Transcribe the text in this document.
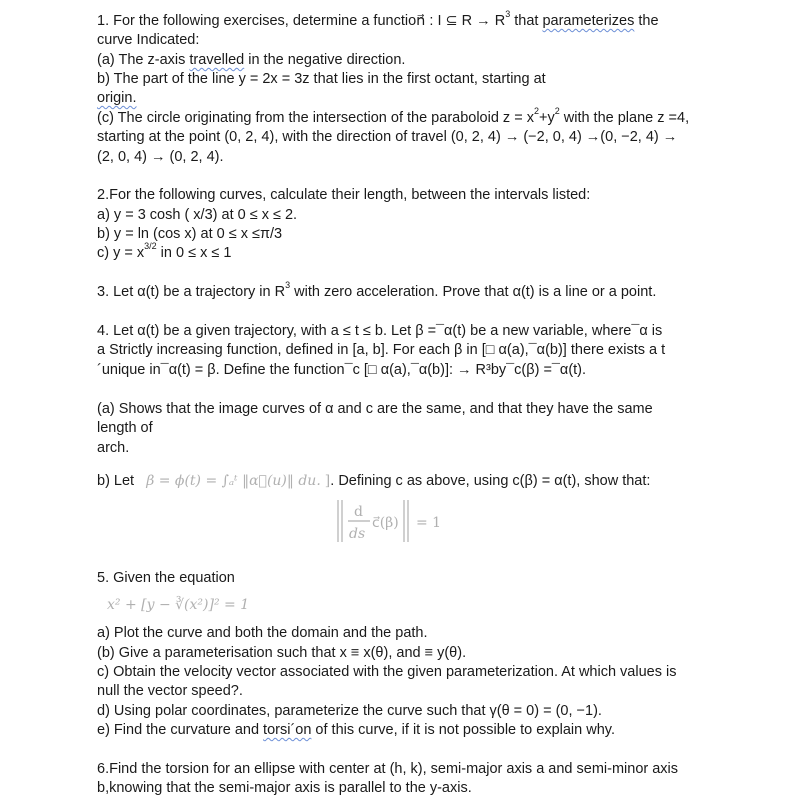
1. For the following exercises, determine a function⃗ : I ⊆ $R \to R^3$ that parameterizes the
curve Indicated:
(a) The z-axis travelled in the negative direction.
b) The part of the line y = 2x = 3z that lies in the first octant, starting at
origin.
(c) The circle originating from the intersection of the paraboloid $z = x^2+y^2$ with the plane z =4,
starting at the point (0, 2, 4), with the direction of travel (0, 2, 4) → (−2, 0, 4) →(0, −2, 4) →
(2, 0, 4) → (0, 2, 4).
2.For the following curves, calculate their length, between the intervals listed:
a) y = 3 cosh ( x/3) at 0 ≤ x ≤ 2.
b) y = ln (cos x) at 0 ≤ x ≤π/3
c) $y = x^{3/2}$ in 0 ≤ x ≤ 1
3. Let α(t) be a trajectory in $R^3$ with zero acceleration. Prove that α(t) is a line or a point.
4. Let α(t) be a given trajectory, with a ≤ t ≤ b. Let β =¯α(t) be a new variable, where¯α is
a Strictly increasing function, defined in [a, b]. For each β in [□ α(a),¯α(b)] there exists a t
´unique in¯α(t) = β. Define the function¯c [□ α(a),¯α(b)]: → R³by¯c(β) =¯α(t).
(a) Shows that the image curves of α and c are the same, and that they have the same
length of
arch.
b) Let β = ϕ(t) = ∫ₐᵗ ‖α⃗(u)‖ du. ]. Defining c as above, using c(β) = α(t), show that:
5. Given the equation
x² + [y − ∛(x²)]² = 1
a) Plot the curve and both the domain and the path.
(b) Give a parameterisation such that x ≡ x(θ), and ≡ y(θ).
c) Obtain the velocity vector associated with the given parameterization. At which values is
null the vector speed?.
d) Using polar coordinates, parameterize the curve such that γ(θ = 0) = (0, −1).
e) Find the curvature and torsi´on of this curve, if it is not possible to explain why.
6.Find the torsion for an ellipse with center at (h, k), semi-major axis a and semi-minor axis
b,knowing that the semi-major axis is parallel to the y-axis.
d
ds
c⃗(β) = 1
